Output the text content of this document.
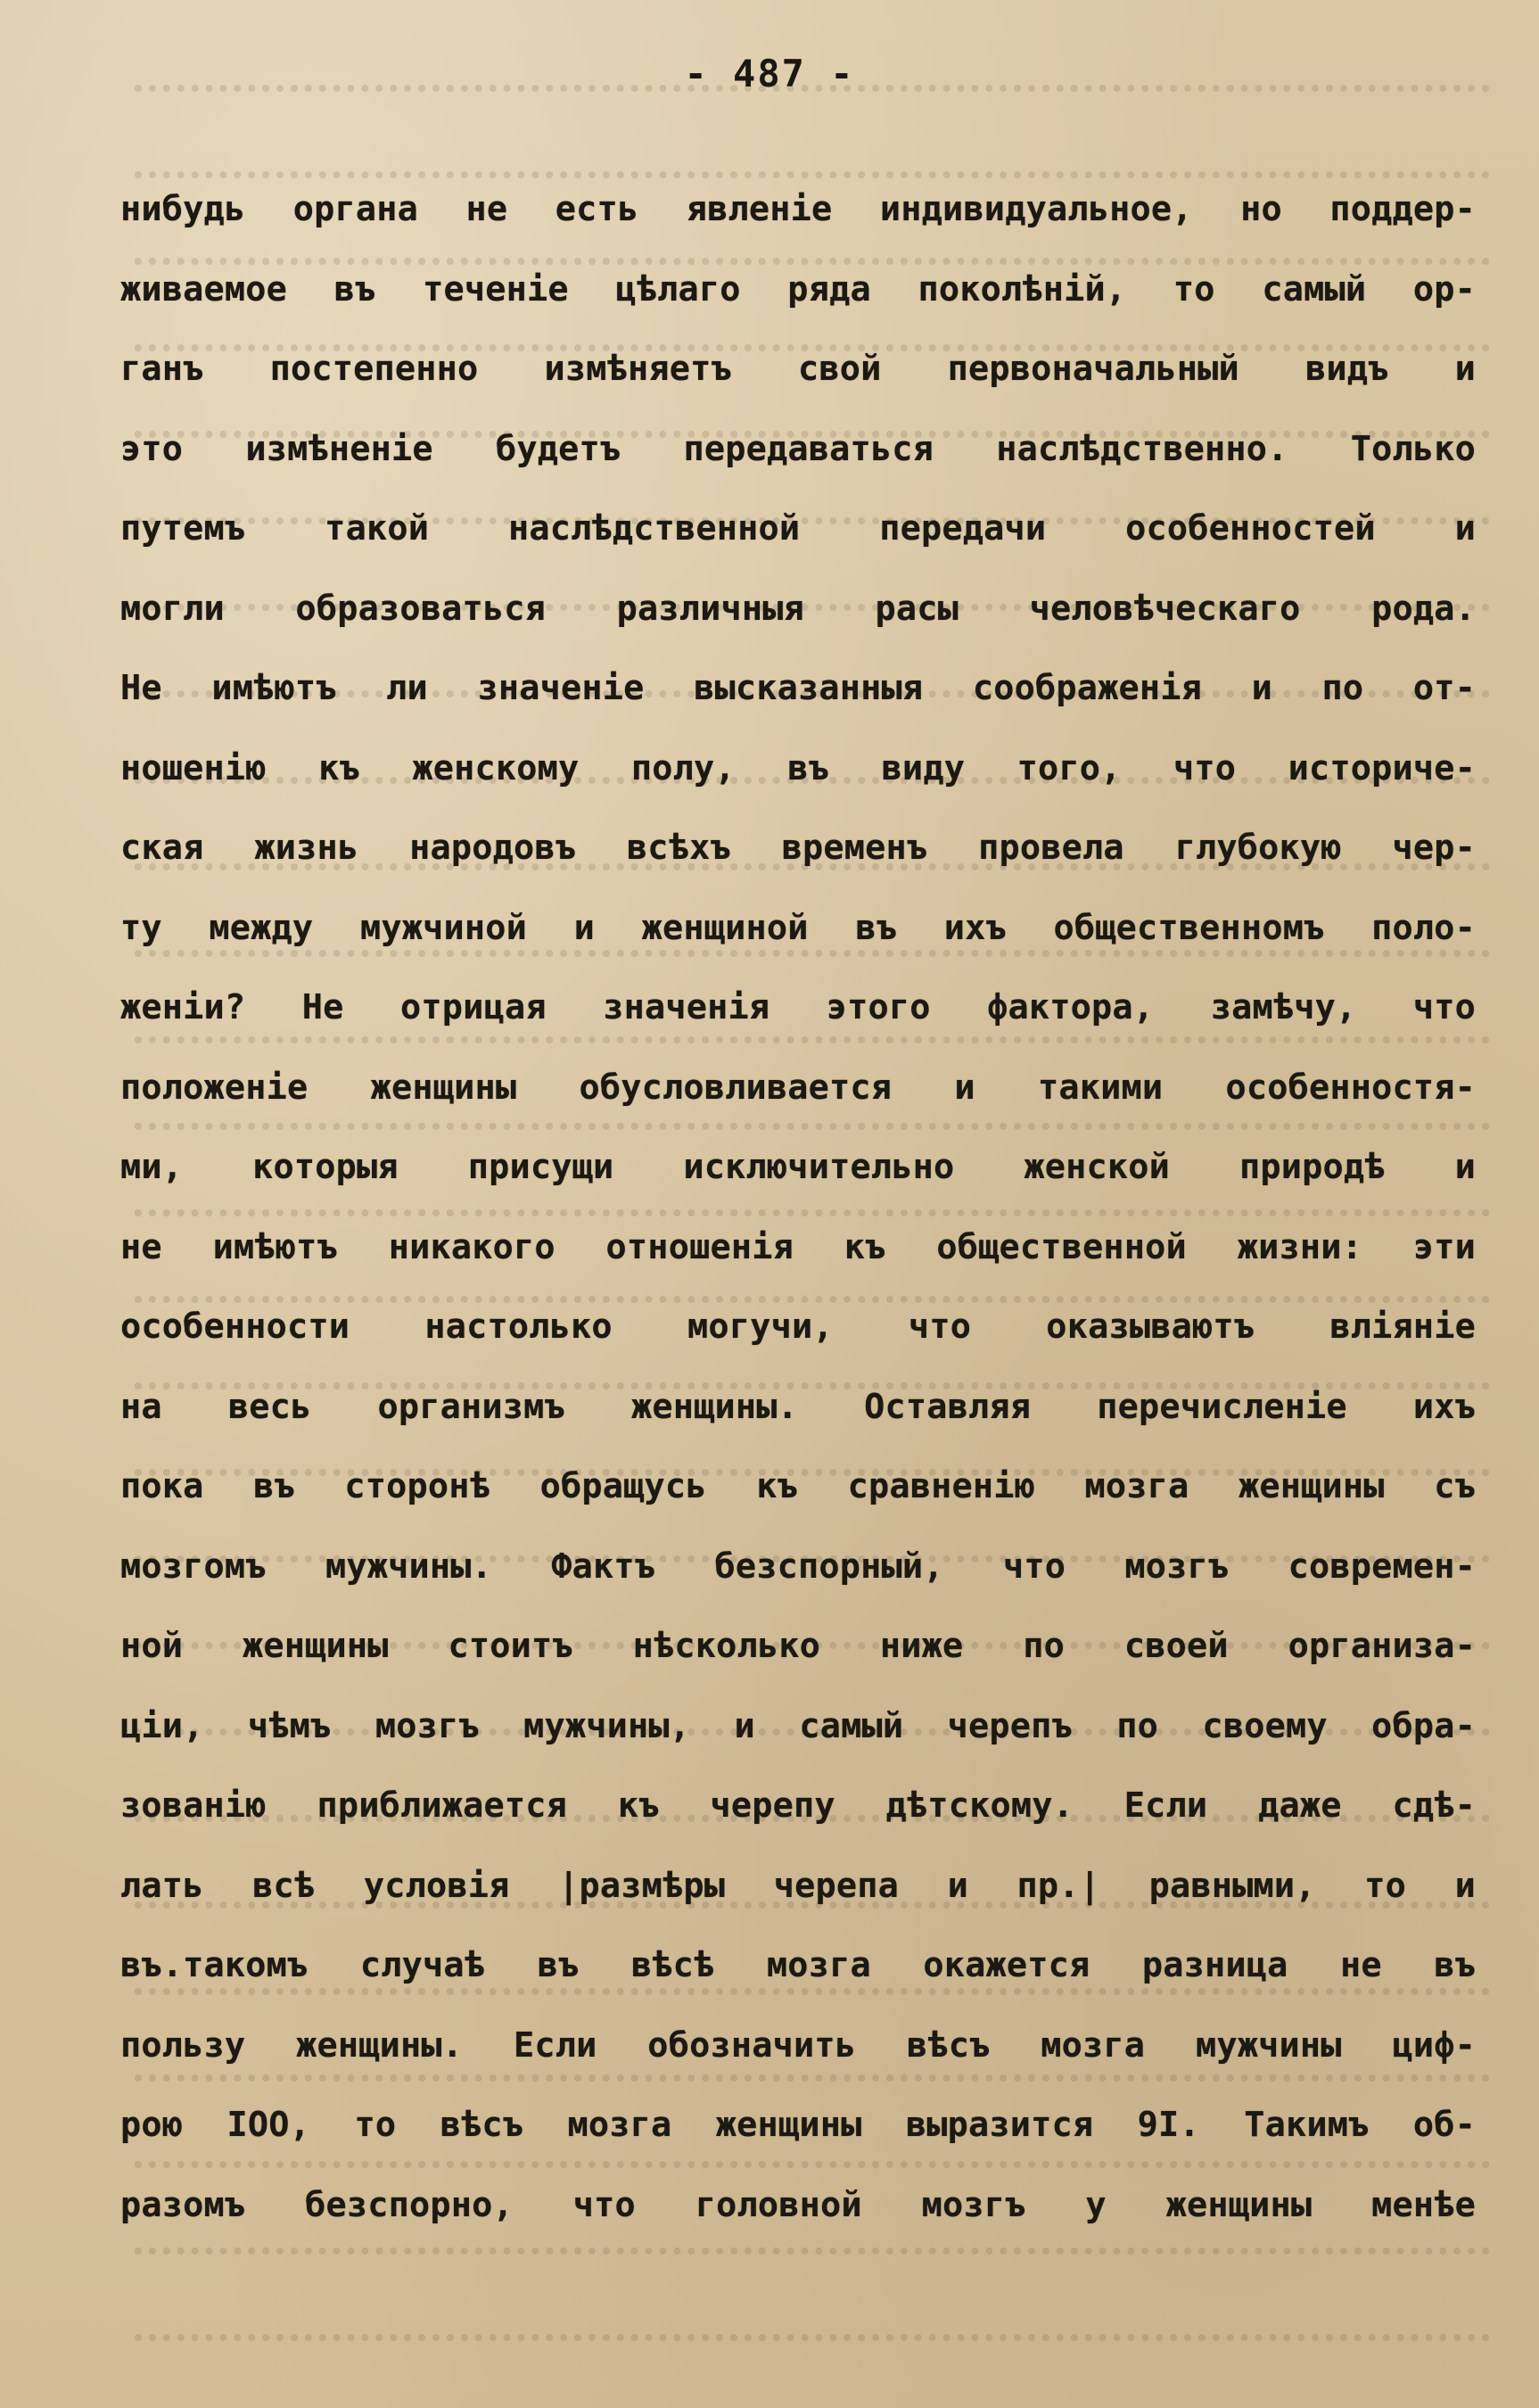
- 487 -
нибудь органа не есть явленіе индивидуальное, но поддер-
живаемое въ теченіе цѣлаго ряда поколѣній, то самый ор-
ганъ постепенно измѣняетъ свой первоначальный видъ и
это измѣненіе будетъ передаваться наслѣдственно. Только
путемъ такой наслѣдственной передачи особенностей и
могли образоваться различныя расы человѣческаго рода.
Не имѣютъ ли значеніе высказанныя соображенія и по от-
ношенію къ женскому полу, въ виду того, что историче-
ская жизнь народовъ всѣхъ временъ провела глубокую чер-
ту между мужчиной и женщиной въ ихъ общественномъ поло-
женіи? Не отрицая значенія этого фактора, замѣчу, что
положеніе женщины обусловливается и такими особенностя-
ми, которыя присущи исключительно женской природѣ и
не имѣютъ никакого отношенія къ общественной жизни: эти
особенности настолько могучи, что оказываютъ вліяніе
на весь организмъ женщины. Оставляя перечисленіе ихъ
пока въ сторонѣ обращусь къ сравненію мозга женщины съ
мозгомъ мужчины. Фактъ безспорный, что мозгъ современ-
ной женщины стоитъ нѣсколько ниже по своей организа-
ціи, чѣмъ мозгъ мужчины, и самый черепъ по своему обра-
зованію приближается къ черепу дѣтскому. Если даже сдѣ-
лать всѣ условія |размѣры черепа и пр.| равными, то и
въ.такомъ случаѣ въ вѣсѣ мозга окажется разница не въ
пользу женщины. Если обозначить вѣсъ мозга мужчины циф-
рою IOO, то вѣсъ мозга женщины выразится 9I. Такимъ об-
разомъ безспорно, что головной мозгъ у женщины менѣе
